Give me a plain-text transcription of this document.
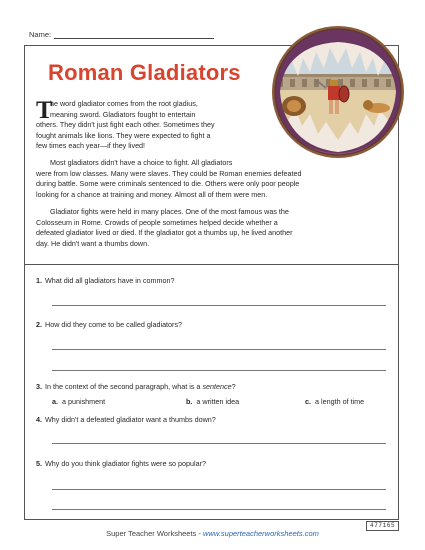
Name:
Roman Gladiators
T

he word gladiator comes from the root gladius,

meaning sword. Gladiators fought to entertain

others. They didn't just fight each other. Sometimes they

fought animals like lions. They were expected to fight a

few times each year—if they lived!

Most gladiators didn't have a choice to fight. All gladiators

were from low classes. Many were slaves. They could be Roman enemies defeated

during battle. Some were criminals sentenced to die. Others were only poor people

looking for a chance at training and money. Almost all of them were men.

Gladiator fights were held in many places. One of the most famous was the

Colosseum in Rome. Crowds of people sometimes helped decide whether a

defeated gladiator lived or died. If the gladiator got a thumbs up, he lived another

day. He didn't want a thumbs down.

1. What did all gladiators have in common?
2. How did they come to be called gladiators?
3. In the context of the second paragraph, what is a sentence?
a. a punishment	b. a written idea	c. a length of time
4. Why didn't a defeated gladiator want a thumbs down?
5. Why do you think gladiator fights were so popular?
477165
Super Teacher Worksheets - www.superteacherworksheets.com
